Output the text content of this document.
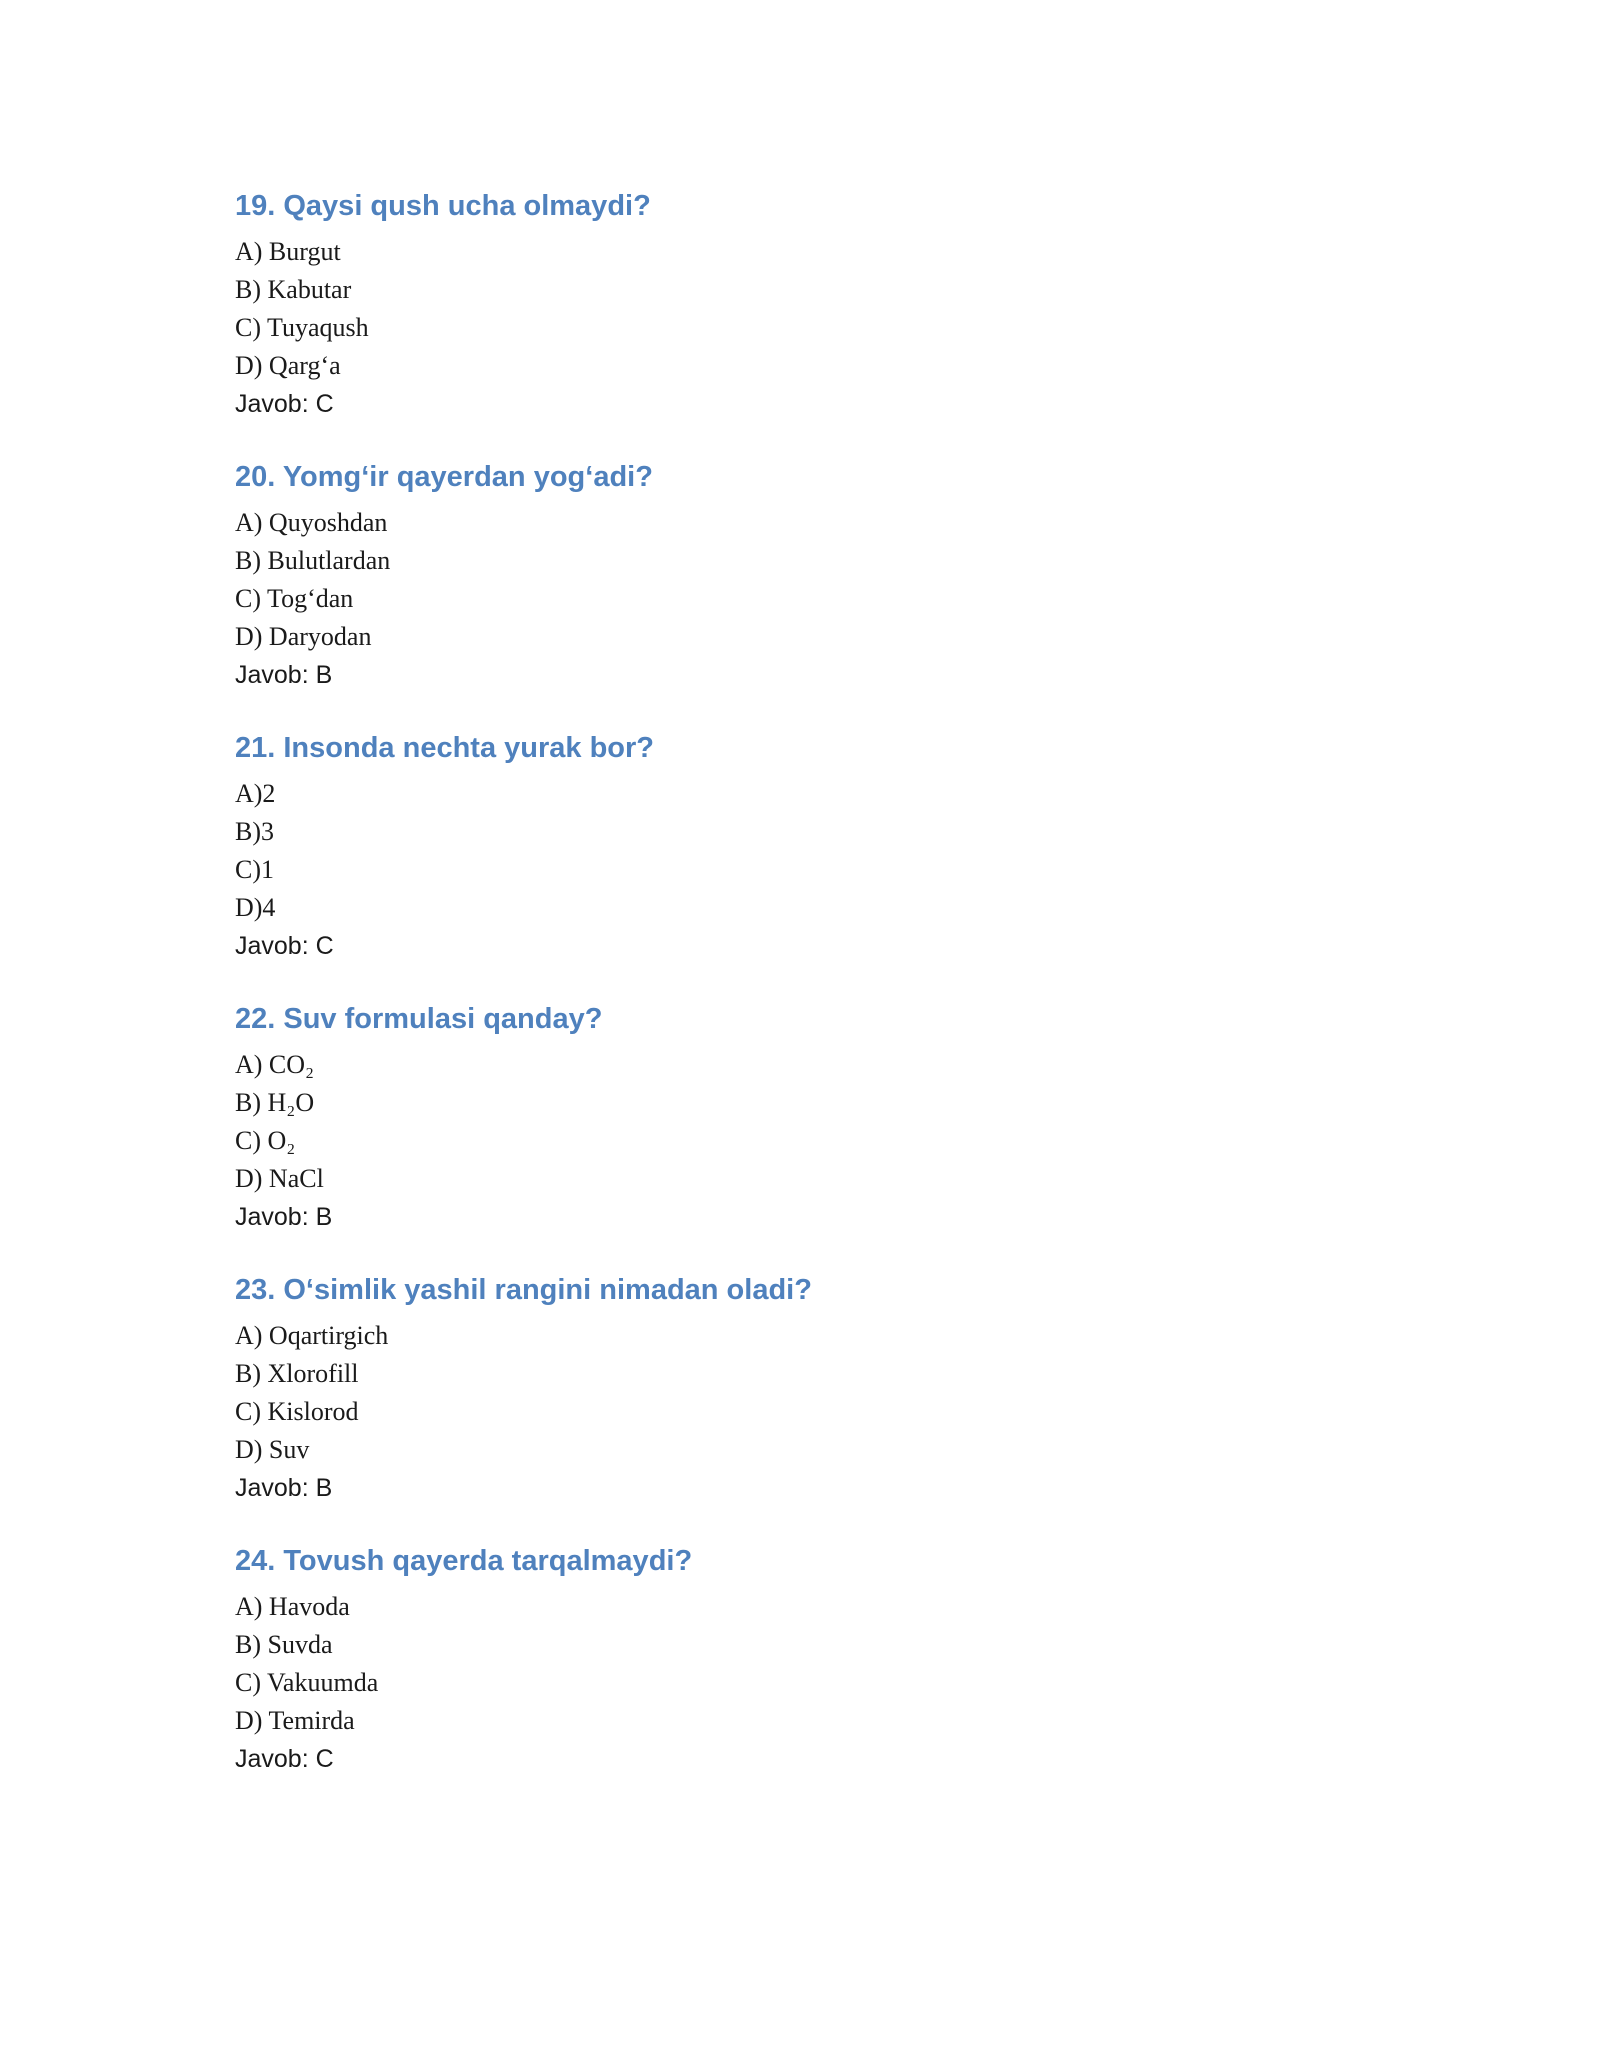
19. Qaysi qush ucha olmaydi?
A) Burgut
B) Kabutar
C) Tuyaqush
D) Qarg‘a
Javob: C
20. Yomg‘ir qayerdan yog‘adi?
A) Quyoshdan
B) Bulutlardan
C) Tog‘dan
D) Daryodan
Javob: B
21. Insonda nechta yurak bor?
A)2
B)3
C)1
D)4
Javob: C
22. Suv formulasi qanday?
A) CO₂
B) H₂O
C) O₂
D) NaCl
Javob: B
23. O‘simlik yashil rangini nimadan oladi?
A) Oqartirgich
B) Xlorofill
C) Kislorod
D) Suv
Javob: B
24. Tovush qayerda tarqalmaydi?
A) Havoda
B) Suvda
C) Vakuumda
D) Temirda
Javob: C
